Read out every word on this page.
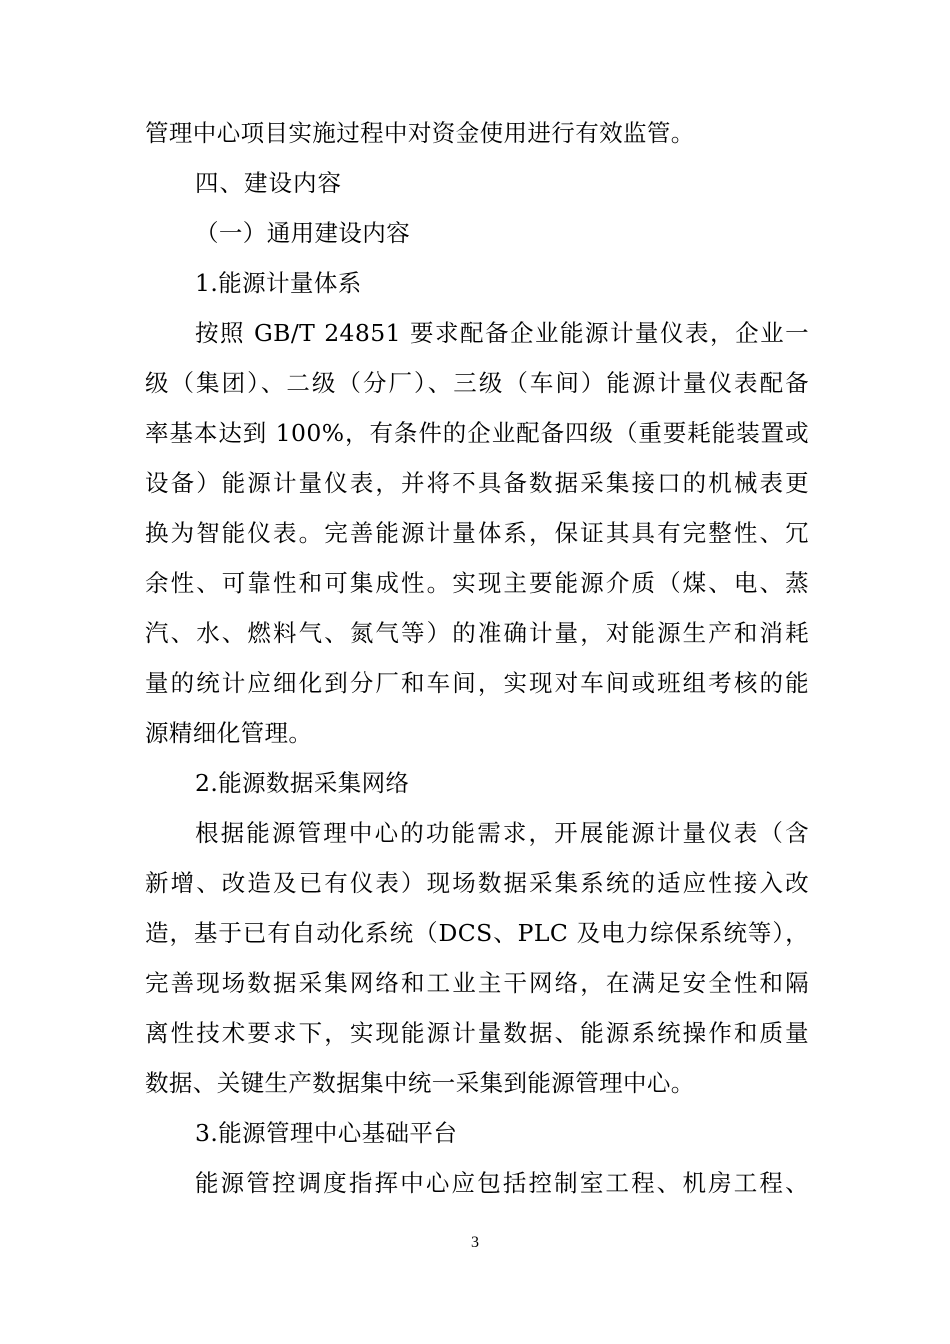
管理中心项目实施过程中对资金使用进行有效监管。
四、建设内容
（一）通用建设内容
1.能源计量体系
按照 GB/T 24851 要求配备企业能源计量仪表，企业一
级（集团）、二级（分厂）、三级（车间）能源计量仪表配备
率基本达到 100%，有条件的企业配备四级（重要耗能装置或
设备）能源计量仪表，并将不具备数据采集接口的机械表更
换为智能仪表。完善能源计量体系，保证其具有完整性、冗
余性、可靠性和可集成性。实现主要能源介质（煤、电、蒸
汽、水、燃料气、氮气等）的准确计量，对能源生产和消耗
量的统计应细化到分厂和车间，实现对车间或班组考核的能
源精细化管理。
2.能源数据采集网络
根据能源管理中心的功能需求，开展能源计量仪表（含
新增、改造及已有仪表）现场数据采集系统的适应性接入改
造，基于已有自动化系统（DCS、PLC 及电力综保系统等），
完善现场数据采集网络和工业主干网络，在满足安全性和隔
离性技术要求下，实现能源计量数据、能源系统操作和质量
数据、关键生产数据集中统一采集到能源管理中心。
3.能源管理中心基础平台
能源管控调度指挥中心应包括控制室工程、机房工程、
3
